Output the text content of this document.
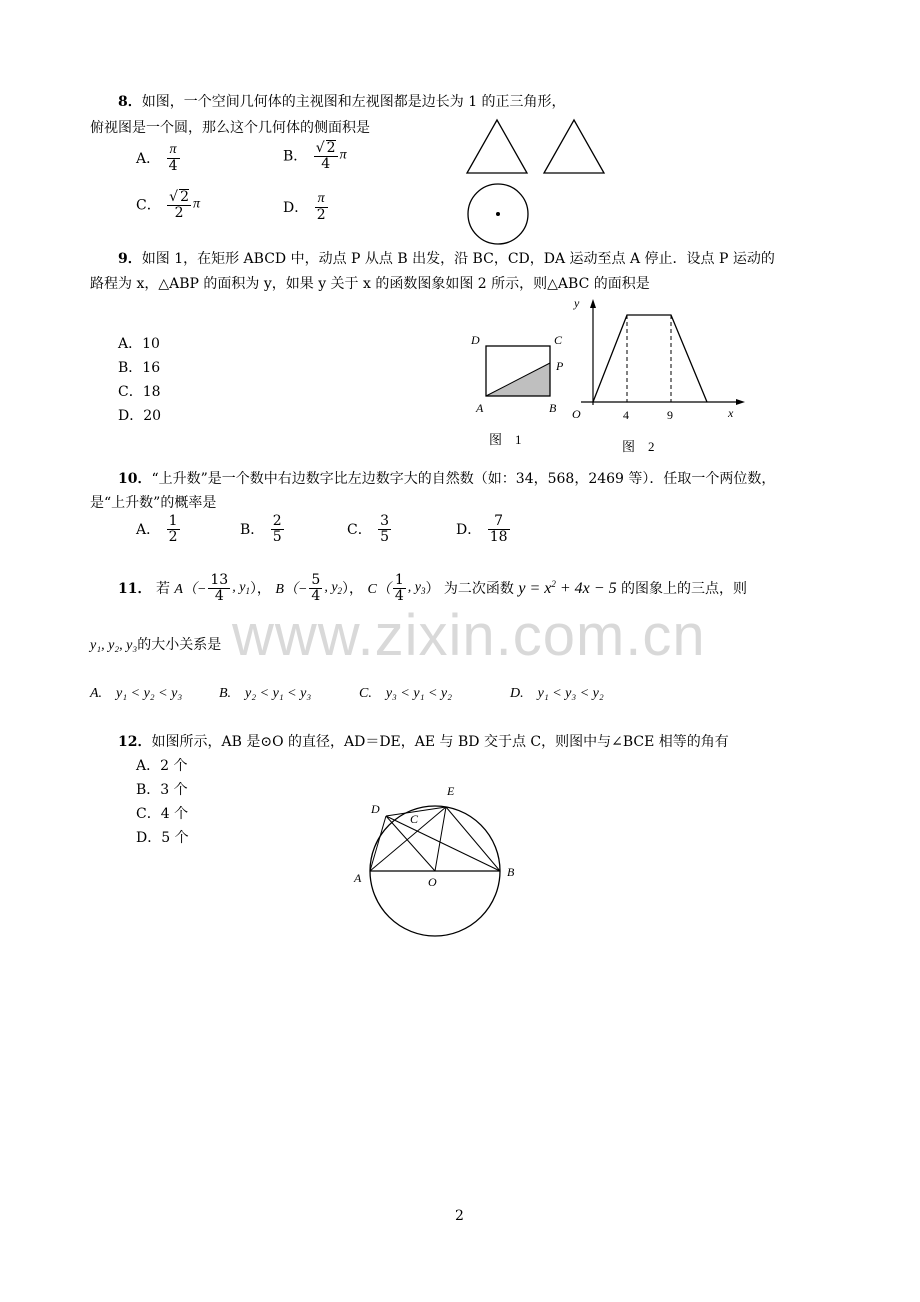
www.zixin.com.cn
8．如图，一个空间几何体的主视图和左视图都是边长为 1 的正三角形，
俯视图是一个圆，那么这个几何体的侧面积是
A． $\frac{\pi}{4}$	B． $\frac{√ 2}{4}$ π
C． $\frac{√ 2}{2}$ π	D． $\frac{\pi}{2}$
9．如图 1，在矩形 ABCD 中，动点 P 从点 B 出发，沿 BC，CD，DA 运动至点 A 停止．设点 P 运动的
路程为 x，△ABP 的面积为 y，如果 y 关于 x 的函数图象如图 2 所示，则△ABC 的面积是
A．10
B．16
C．18
D．20
D	C
P
A	B
图　1
y
O	4	9	x
图　2
10．“上升数”是一个数中右边数字比左边数字大的自然数（如：34，568，2469 等）．任取一个两位数，
是“上升数”的概率是
A． $\frac{1}{2}$	B． $\frac{2}{5}$	C． $\frac{3}{5}$	D． $\frac{7}{18}$
11． 若 $A(- \frac{13}{4}$ , $y_1$）， $B(- \frac{5}{4}$ , $y_2$）， $C( \frac{1}{4}$ , $y_3$） 为二次函数 $y = x^2 + 4x - 5$ 的图象上的三点，则
y₁, y₂, y₃的大小关系是
A.　y₁ < y₂ < y₃	B.　y₂ < y₁ < y₃	C.　y₃ < y₁ < y₂	D.　y₁ < y₃ < y₂
12．如图所示，AB 是⊙O 的直径，AD＝DE，AE 与 BD 交于点 C，则图中与∠BCE 相等的角有
A．2 个
B．3 个
C．4 个
D．5 个
D
E
C
A	B
O
2
